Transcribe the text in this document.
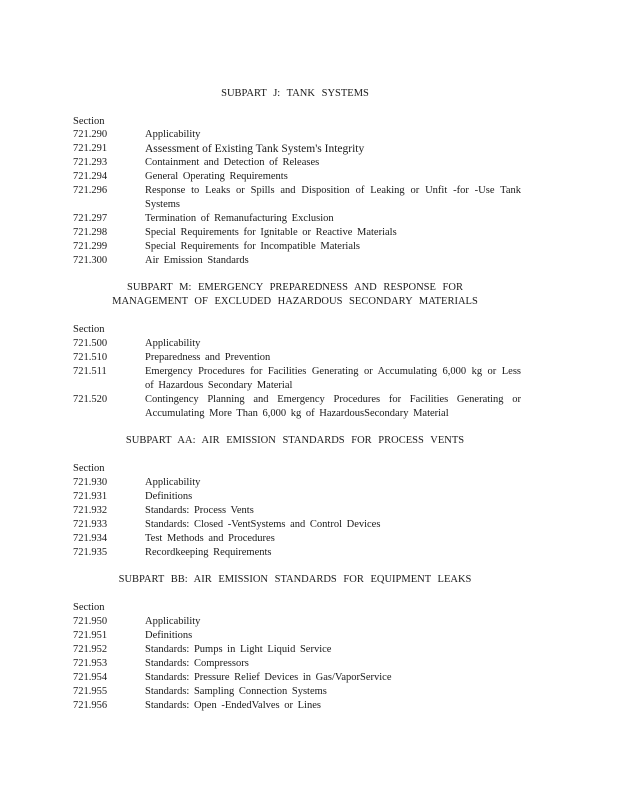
SUBPART J: TANK SYSTEMS
Section
721.290	Applicability
721.291	Assessment of Existing Tank System's Integrity
721.293	Containment and Detection of Releases
721.294	General Operating Requirements
721.296	Response to Leaks or Spills and Disposition of Leaking or Unfit -for -Use Tank Systems
721.297	Termination of Remanufacturing Exclusion
721.298	Special Requirements for Ignitable or Reactive Materials
721.299	Special Requirements for Incompatible Materials
721.300	Air Emission Standards
SUBPART M: EMERGENCY PREPAREDNESS AND RESPONSE FOR
MANAGEMENT OF EXCLUDED HAZARDOUS SECONDARY MATERIALS
Section
721.500	Applicability
721.510	Preparedness and Prevention
721.511	Emergency Procedures for Facilities Generating or Accumulating 6,000 kg or Less of Hazardous Secondary Material
721.520	Contingency Planning and Emergency Procedures for Facilities Generating or Accumulating More Than 6,000 kg of HazardousSecondary Material
SUBPART AA: AIR EMISSION STANDARDS FOR PROCESS VENTS
Section
721.930	Applicability
721.931	Definitions
721.932	Standards: Process Vents
721.933	Standards: Closed -VentSystems and Control Devices
721.934	Test Methods and Procedures
721.935	Recordkeeping Requirements
SUBPART BB: AIR EMISSION STANDARDS FOR EQUIPMENT LEAKS
Section
721.950	Applicability
721.951	Definitions
721.952	Standards: Pumps in Light Liquid Service
721.953	Standards: Compressors
721.954	Standards: Pressure Relief Devices in Gas/VaporService
721.955	Standards: Sampling Connection Systems
721.956	Standards: Open -EndedValves or Lines
